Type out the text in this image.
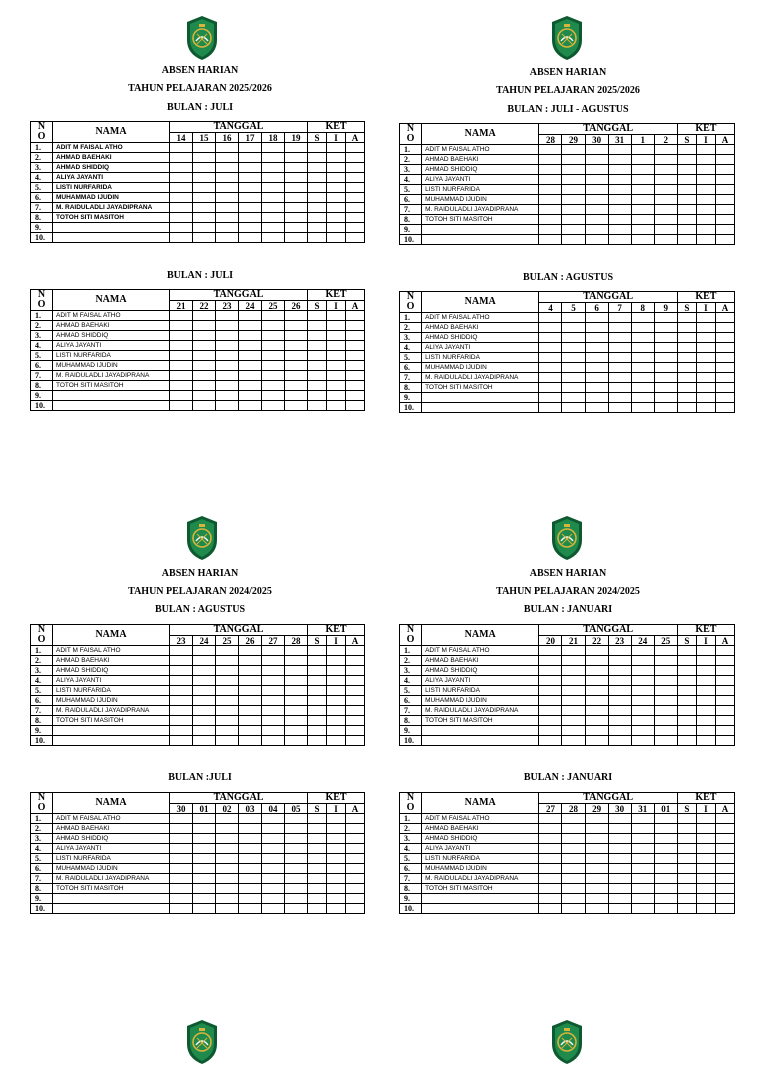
ABSEN HARIAN
TAHUN PELAJARAN 2025/2026
BULAN : JULI
N
O	NAMA	TANGGAL						KET		
		14	15	16	17	18	19	S	I	A
1.	ADIT M FAISAL ATHO									
2.	AHMAD BAEHAKI									
3.	AHMAD SHIDDIQ									
4.	ALIYA JAYANTI									
5.	LISTI NURFARIDA									
6.	MUHAMMAD IJUDIN									
7.	M. RAIDULADLI JAYADIPRANA									
8.	TOTOH SITI MASITOH									
9.										
10.										
ABSEN HARIAN
TAHUN PELAJARAN 2025/2026
BULAN : JULI - AGUSTUS
N
O	NAMA	TANGGAL						KET		
		28	29	30	31	1	2	S	I	A
1.	ADIT M FAISAL ATHO									
2.	AHMAD BAEHAKI									
3.	AHMAD SHIDDIQ									
4.	ALIYA JAYANTI									
5.	LISTI NURFARIDA									
6.	MUHAMMAD IJUDIN									
7.	M. RAIDULADLI JAYADIPRANA									
8.	TOTOH SITI MASITOH									
9.										
10.										
BULAN : JULI
N
O	NAMA	TANGGAL						KET		
		21	22	23	24	25	26	S	I	A
1.	ADIT M FAISAL ATHO									
2.	AHMAD BAEHAKI									
3.	AHMAD SHIDDIQ									
4.	ALIYA JAYANTI									
5.	LISTI NURFARIDA									
6.	MUHAMMAD IJUDIN									
7.	M. RAIDULADLI JAYADIPRANA									
8.	TOTOH SITI MASITOH									
9.										
10.										
BULAN : AGUSTUS
N
O	NAMA	TANGGAL						KET		
		4	5	6	7	8	9	S	I	A
1.	ADIT M FAISAL ATHO									
2.	AHMAD BAEHAKI									
3.	AHMAD SHIDDIQ									
4.	ALIYA JAYANTI									
5.	LISTI NURFARIDA									
6.	MUHAMMAD IJUDIN									
7.	M. RAIDULADLI JAYADIPRANA									
8.	TOTOH SITI MASITOH									
9.										
10.										
ABSEN HARIAN
TAHUN PELAJARAN 2024/2025
BULAN : AGUSTUS
N
O	NAMA	TANGGAL						KET		
		23	24	25	26	27	28	S	I	A
1.	ADIT M FAISAL ATHO									
2.	AHMAD BAEHAKI									
3.	AHMAD SHIDDIQ									
4.	ALIYA JAYANTI									
5.	LISTI NURFARIDA									
6.	MUHAMMAD IJUDIN									
7.	M. RAIDULADLI JAYADIPRANA									
8.	TOTOH SITI MASITOH									
9.										
10.										
ABSEN HARIAN
TAHUN PELAJARAN 2024/2025
BULAN : JANUARI
N
O	NAMA	TANGGAL						KET		
		20	21	22	23	24	25	S	I	A
1.	ADIT M FAISAL ATHO									
2.	AHMAD BAEHAKI									
3.	AHMAD SHIDDIQ									
4.	ALIYA JAYANTI									
5.	LISTI NURFARIDA									
6.	MUHAMMAD IJUDIN									
7.	M. RAIDULADLI JAYADIPRANA									
8.	TOTOH SITI MASITOH									
9.										
10.										
BULAN :JULI
N
O	NAMA	TANGGAL						KET		
		30	01	02	03	04	05	S	I	A
1.	ADIT M FAISAL ATHO									
2.	AHMAD BAEHAKI									
3.	AHMAD SHIDDIQ									
4.	ALIYA JAYANTI									
5.	LISTI NURFARIDA									
6.	MUHAMMAD IJUDIN									
7.	M. RAIDULADLI JAYADIPRANA									
8.	TOTOH SITI MASITOH									
9.										
10.										
BULAN : JANUARI
N
O	NAMA	TANGGAL						KET		
		27	28	29	30	31	01	S	I	A
1.	ADIT M FAISAL ATHO									
2.	AHMAD BAEHAKI									
3.	AHMAD SHIDDIQ									
4.	ALIYA JAYANTI									
5.	LISTI NURFARIDA									
6.	MUHAMMAD IJUDIN									
7.	M. RAIDULADLI JAYADIPRANA									
8.	TOTOH SITI MASITOH									
9.										
10.										
